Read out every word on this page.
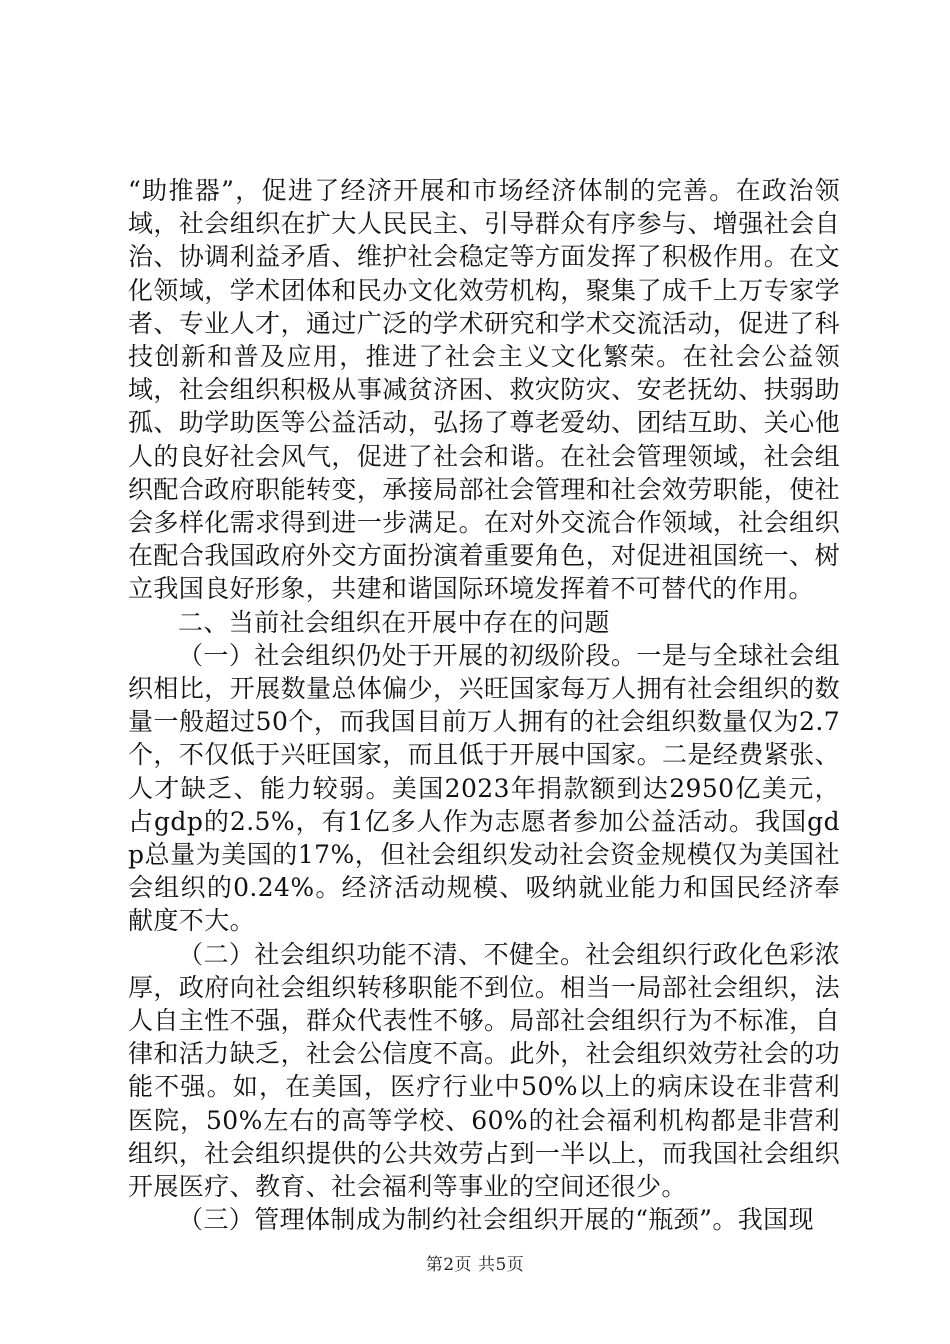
“助推器”，促进了经济开展和市场经济体制的完善。在政治领域，社会组织在扩大人民民主、引导群众有序参与、增强社会自治、协调利益矛盾、维护社会稳定等方面发挥了积极作用。在文化领域，学术团体和民办文化效劳机构，聚集了成千上万专家学者、专业人才，通过广泛的学术研究和学术交流活动，促进了科技创新和普及应用，推进了社会主义文化繁荣。在社会公益领域，社会组织积极从事减贫济困、救灾防灾、安老抚幼、扶弱助孤、助学助医等公益活动，弘扬了尊老爱幼、团结互助、关心他人的良好社会风气，促进了社会和谐。在社会管理领域，社会组织配合政府职能转变，承接局部社会管理和社会效劳职能，使社会多样化需求得到进一步满足。在对外交流合作领域，社会组织在配合我国政府外交方面扮演着重要角色，对促进祖国统一、树立我国良好形象，共建和谐国际环境发挥着不可替代的作用。

二、当前社会组织在开展中存在的问题

（一）社会组织仍处于开展的初级阶段。一是与全球社会组织相比，开展数量总体偏少，兴旺国家每万人拥有社会组织的数量一般超过50个，而我国目前万人拥有的社会组织数量仅为2.7个，不仅低于兴旺国家，而且低于开展中国家。二是经费紧张、人才缺乏、能力较弱。美国2023年捐款额到达2950亿美元，占gdp的2.5%，有1亿多人作为志愿者参加公益活动。我国gdp总量为美国的17%，但社会组织发动社会资金规模仅为美国社会组织的0.24%。经济活动规模、吸纳就业能力和国民经济奉献度不大。

（二）社会组织功能不清、不健全。社会组织行政化色彩浓厚，政府向社会组织转移职能不到位。相当一局部社会组织，法人自主性不强，群众代表性不够。局部社会组织行为不标准，自律和活力缺乏，社会公信度不高。此外，社会组织效劳社会的功能不强。如，在美国，医疗行业中50%以上的病床设在非营利医院，50%左右的高等学校、60%的社会福利机构都是非营利组织，社会组织提供的公共效劳占到一半以上，而我国社会组织开展医疗、教育、社会福利等事业的空间还很少。

（三）管理体制成为制约社会组织开展的“瓶颈”。我国现

第2页 共5页
